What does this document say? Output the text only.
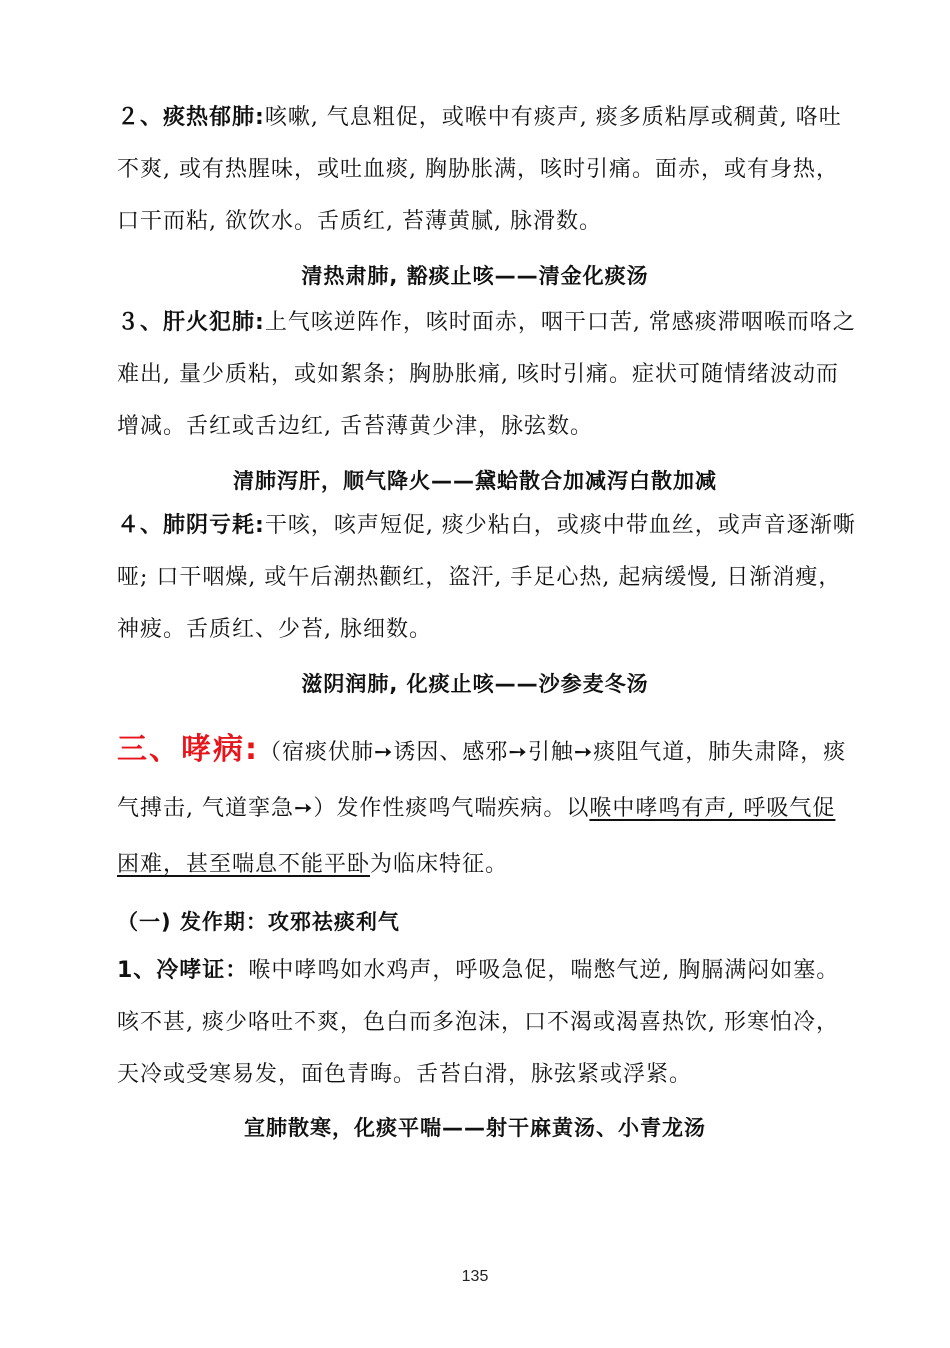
２、痰热郁肺:咳嗽, 气息粗促，或喉中有痰声, 痰多质粘厚或稠黄, 咯吐不爽, 或有热腥味，或吐血痰, 胸胁胀满，咳时引痛。面赤，或有身热，口干而粘, 欲饮水。舌质红, 苔薄黄腻, 脉滑数。

清热肃肺, 豁痰止咳——清金化痰汤

３、肝火犯肺:上气咳逆阵作，咳时面赤，咽干口苦, 常感痰滞咽喉而咯之难出, 量少质粘，或如絮条；胸胁胀痛, 咳时引痛。症状可随情绪波动而增减。舌红或舌边红, 舌苔薄黄少津，脉弦数。

清肺泻肝，顺气降火——黛蛤散合加减泻白散加减

４、肺阴亏耗:干咳，咳声短促, 痰少粘白，或痰中带血丝，或声音逐渐嘶哑; 口干咽燥, 或午后潮热颧红，盗汗, 手足心热, 起病缓慢, 日渐消瘦，神疲。舌质红、少苔, 脉细数。

滋阴润肺, 化痰止咳——沙参麦冬汤

三、哮病:（宿痰伏肺➙诱因、感邪➙引触➙痰阻气道，肺失肃降，痰气搏击, 气道挛急➙）发作性痰鸣气喘疾病。以喉中哮鸣有声, 呼吸气促困难，甚至喘息不能平卧为临床特征。

（一) 发作期：攻邪祛痰利气

1、冷哮证：喉中哮鸣如水鸡声，呼吸急促，喘憋气逆, 胸膈满闷如塞。咳不甚, 痰少咯吐不爽，色白而多泡沫，口不渴或渴喜热饮, 形寒怕冷，天冷或受寒易发，面色青晦。舌苔白滑，脉弦紧或浮紧。

宣肺散寒，化痰平喘——射干麻黄汤、小青龙汤

135
